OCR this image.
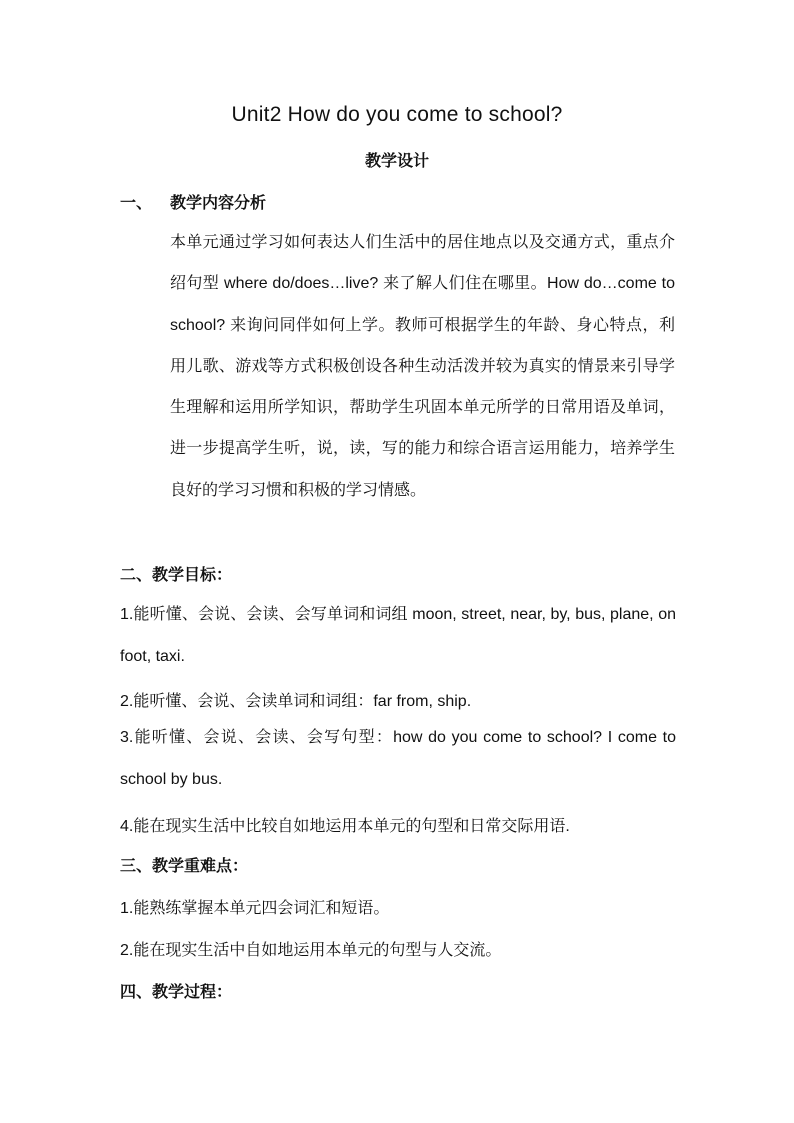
Unit2 How do you come to school?
教学设计
一、 教学内容分析
本单元通过学习如何表达人们生活中的居住地点以及交通方式，重点介绍句型 where do/does…live? 来了解人们住在哪里。How do…come to school? 来询问同伴如何上学。教师可根据学生的年龄、身心特点，利用儿歌、游戏等方式积极创设各种生动活泼并较为真实的情景来引导学生理解和运用所学知识，帮助学生巩固本单元所学的日常用语及单词，进一步提高学生听，说，读，写的能力和综合语言运用能力，培养学生良好的学习习惯和积极的学习情感。
二、教学目标：
1.能听懂、会说、会读、会写单词和词组 moon, street, near, by, bus, plane, on foot, taxi.
2.能听懂、会说、会读单词和词组：far from, ship.
3.能听懂、会说、会读、会写句型：how do you come to school? I come to school by bus.
4.能在现实生活中比较自如地运用本单元的句型和日常交际用语.
三、教学重难点：
1.能熟练掌握本单元四会词汇和短语。
2.能在现实生活中自如地运用本单元的句型与人交流。
四、教学过程：
